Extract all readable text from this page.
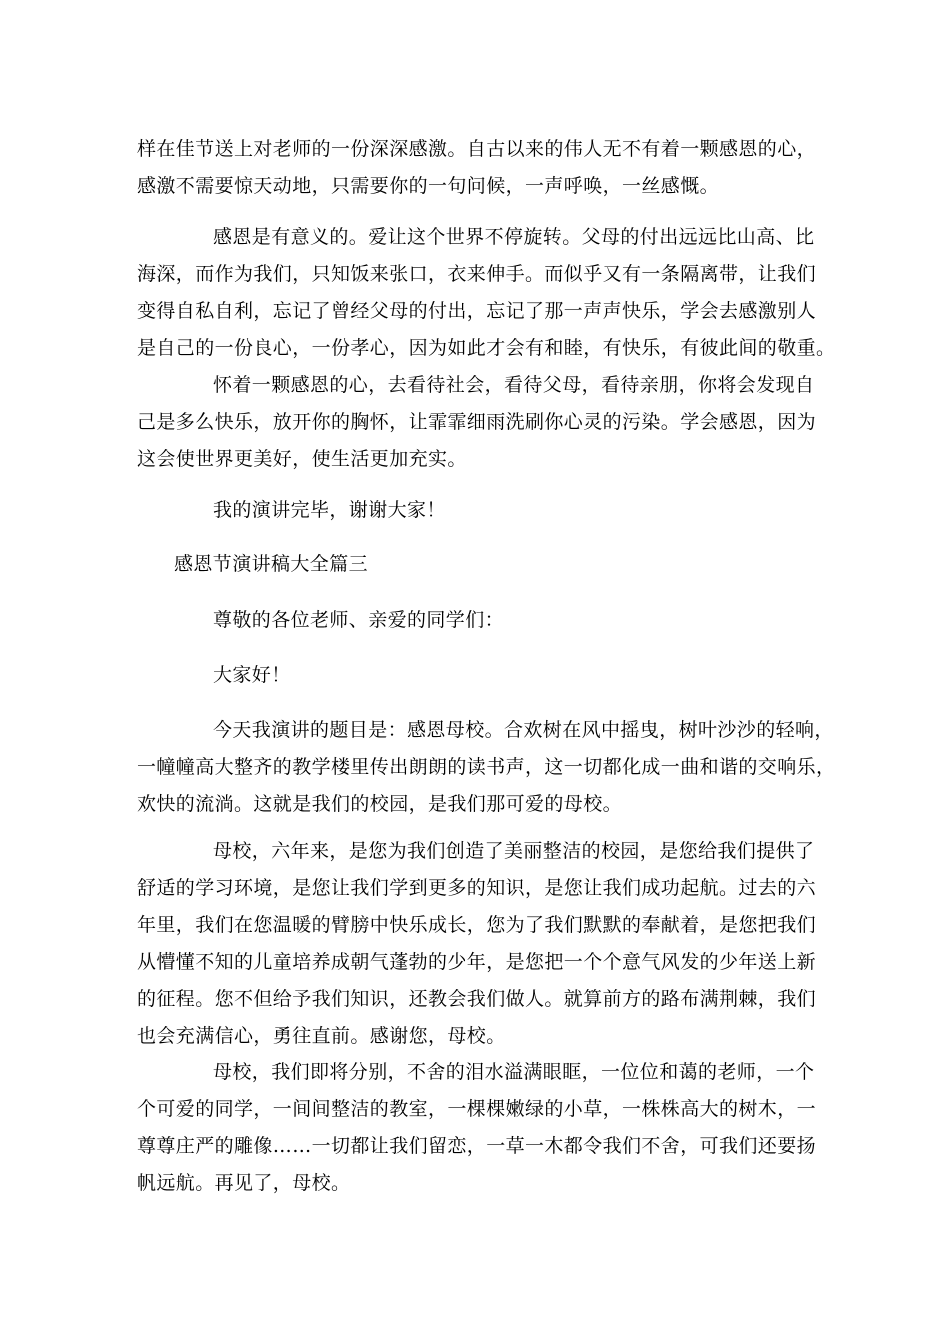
样在佳节送上对老师的一份深深感激。自古以来的伟人无不有着一颗感恩的心，
感激不需要惊天动地，只需要你的一句问候，一声呼唤，一丝感慨。
感恩是有意义的。爱让这个世界不停旋转。父母的付出远远比山高、比
海深，而作为我们，只知饭来张口，衣来伸手。而似乎又有一条隔离带，让我们
变得自私自利，忘记了曾经父母的付出，忘记了那一声声快乐，学会去感激别人
是自己的一份良心，一份孝心，因为如此才会有和睦，有快乐，有彼此间的敬重。
怀着一颗感恩的心，去看待社会，看待父母，看待亲朋，你将会发现自
己是多么快乐，放开你的胸怀，让霏霏细雨洗刷你心灵的污染。学会感恩，因为
这会使世界更美好，使生活更加充实。
我的演讲完毕，谢谢大家！
感恩节演讲稿大全篇三
尊敬的各位老师、亲爱的同学们：
大家好！
今天我演讲的题目是：感恩母校。合欢树在风中摇曳，树叶沙沙的轻响，
一幢幢高大整齐的教学楼里传出朗朗的读书声，这一切都化成一曲和谐的交响乐，
欢快的流淌。这就是我们的校园，是我们那可爱的母校。
母校，六年来，是您为我们创造了美丽整洁的校园，是您给我们提供了
舒适的学习环境，是您让我们学到更多的知识，是您让我们成功起航。过去的六
年里，我们在您温暖的臂膀中快乐成长，您为了我们默默的奉献着，是您把我们
从懵懂不知的儿童培养成朝气蓬勃的少年，是您把一个个意气风发的少年送上新
的征程。您不但给予我们知识，还教会我们做人。就算前方的路布满荆棘，我们
也会充满信心，勇往直前。感谢您，母校。
母校，我们即将分别，不舍的泪水溢满眼眶，一位位和蔼的老师，一个
个可爱的同学，一间间整洁的教室，一棵棵嫩绿的小草，一株株高大的树木，一
尊尊庄严的雕像……一切都让我们留恋，一草一木都令我们不舍，可我们还要扬
帆远航。再见了，母校。
